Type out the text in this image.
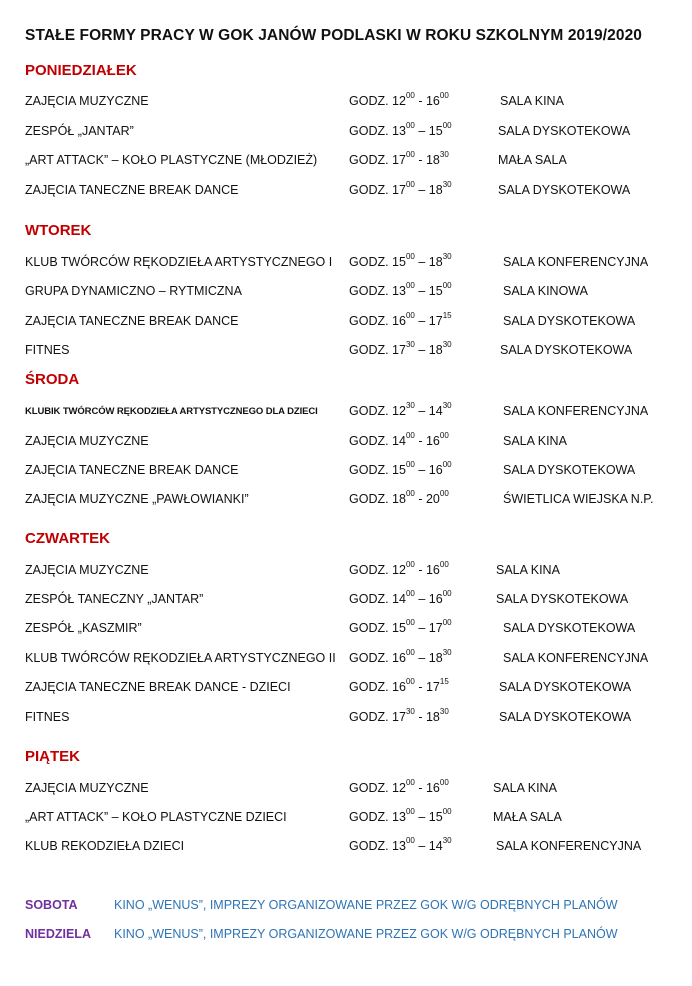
STAŁE FORMY PRACY W GOK JANÓW PODLASKI W ROKU SZKOLNYM 2019/2020
PONIEDZIAŁEK
ZAJĘCIA MUZYCZNE	GODZ. $12^{00} - 16^{00}$	SALA KINA
ZESPÓŁ „JANTAR”	GODZ. $13^{00} - 15^{00}$	SALA DYSKOTEKOWA
„ART ATTACK” – KOŁO PLASTYCZNE (MŁODZIEŻ)	GODZ. $17^{00} - 18^{30}$	MAŁA SALA
ZAJĘCIA TANECZNE BREAK DANCE	GODZ. $17^{00} - 18^{30}$	SALA DYSKOTEKOWA
WTOREK
KLUB TWÓRCÓW RĘKODZIEŁA ARTYSTYCZNEGO I GODZ. $15^{00} - 18^{30}$	SALA KONFERENCYJNA
GRUPA DYNAMICZNO – RYTMICZNA	GODZ. $13^{00} - 15^{00}$	SALA KINOWA
ZAJĘCIA TANECZNE BREAK DANCE	GODZ. $16^{00} - 17^{15}$	SALA DYSKOTEKOWA
FITNES	GODZ. $17^{30} - 18^{30}$	SALA DYSKOTEKOWA
ŚRODA
KLUBIK TWÓRCÓW RĘKODZIEŁA ARTYSTYCZNEGO DLA DZIECI	GODZ. $12^{30} - 14^{30}$	SALA KONFERENCYJNA
ZAJĘCIA MUZYCZNE	GODZ. $14^{00} - 16^{00}$	SALA KINA
ZAJĘCIA TANECZNE BREAK DANCE	GODZ. $15^{00} - 16^{00}$	SALA DYSKOTEKOWA
ZAJĘCIA MUZYCZNE „PAWŁOWIANKI”	GODZ. $18^{00} - 20^{00}$	ŚWIETLICA WIEJSKA N.P.
CZWARTEK
ZAJĘCIA MUZYCZNE	GODZ. $12^{00} - 16^{00}$	SALA KINA
ZESPÓŁ TANECZNY „JANTAR”	GODZ. $14^{00} - 16^{00}$	SALA DYSKOTEKOWA
ZESPÓŁ „KASZMIR”	GODZ. $15^{00} - 17^{00}$	SALA DYSKOTEKOWA
KLUB TWÓRCÓW RĘKODZIEŁA ARTYSTYCZNEGO II GODZ. $16^{00} - 18^{30}$	SALA KONFERENCYJNA
ZAJĘCIA TANECZNE BREAK DANCE - DZIECI	GODZ. $16^{00} - 17^{15}$	SALA DYSKOTEKOWA
FITNES	GODZ. $17^{30} - 18^{30}$	SALA DYSKOTEKOWA
PIĄTEK
ZAJĘCIA MUZYCZNE	GODZ. $12^{00} - 16^{00}$	SALA KINA
„ART ATTACK” – KOŁO PLASTYCZNE DZIECI	GODZ. $13^{00} - 15^{00}$	MAŁA SALA
KLUB REKODZIEŁA DZIECI	GODZ. $13^{00} - 14^{30}$	SALA KONFERENCYJNA
SOBOTA	KINO „WENUS”, IMPREZY ORGANIZOWANE PRZEZ GOK W/G ODRĘBNYCH PLANÓW
NIEDZIELA KINO „WENUS”, IMPREZY ORGANIZOWANE PRZEZ GOK W/G ODRĘBNYCH PLANÓW
